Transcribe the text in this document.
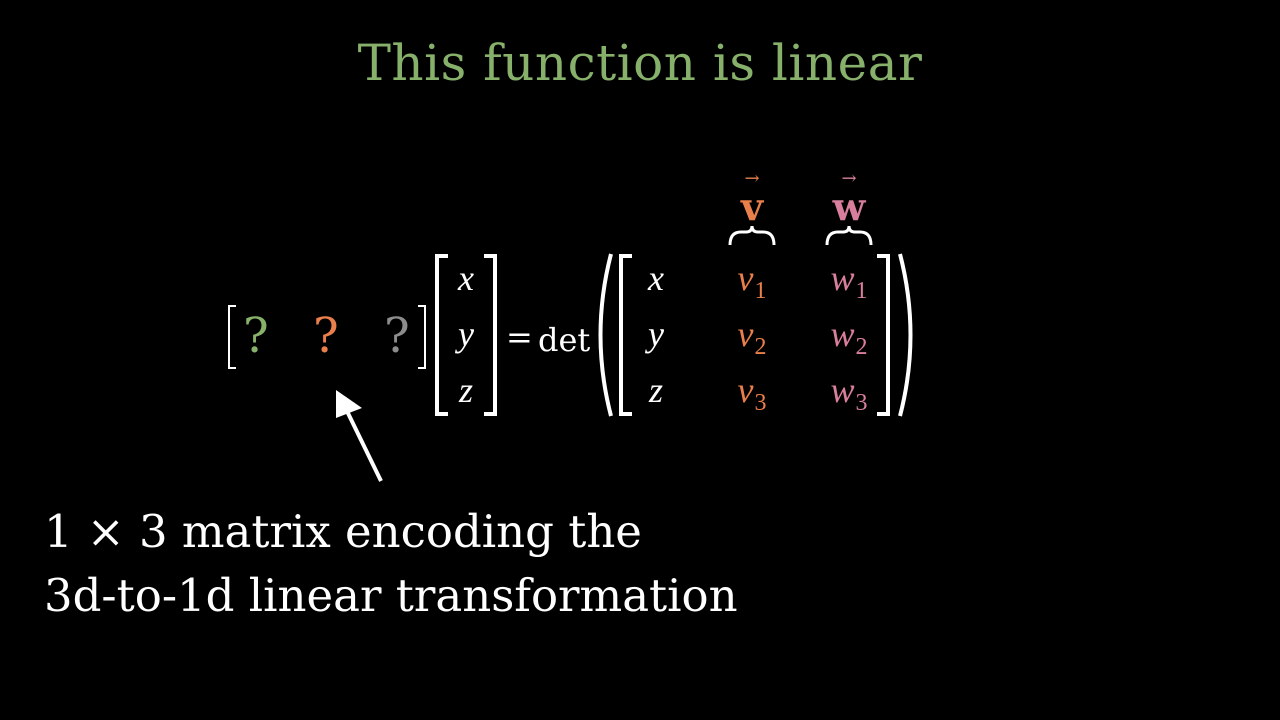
This function is linear
? ? ?
x
y
z
= det
→
v
→
w
x
y
z
$v_1$
$v_2$
$v_3$
$w_1$
$w_2$
$w_3$
1 × 3 matrix encoding the
3d-to-1d linear transformation
